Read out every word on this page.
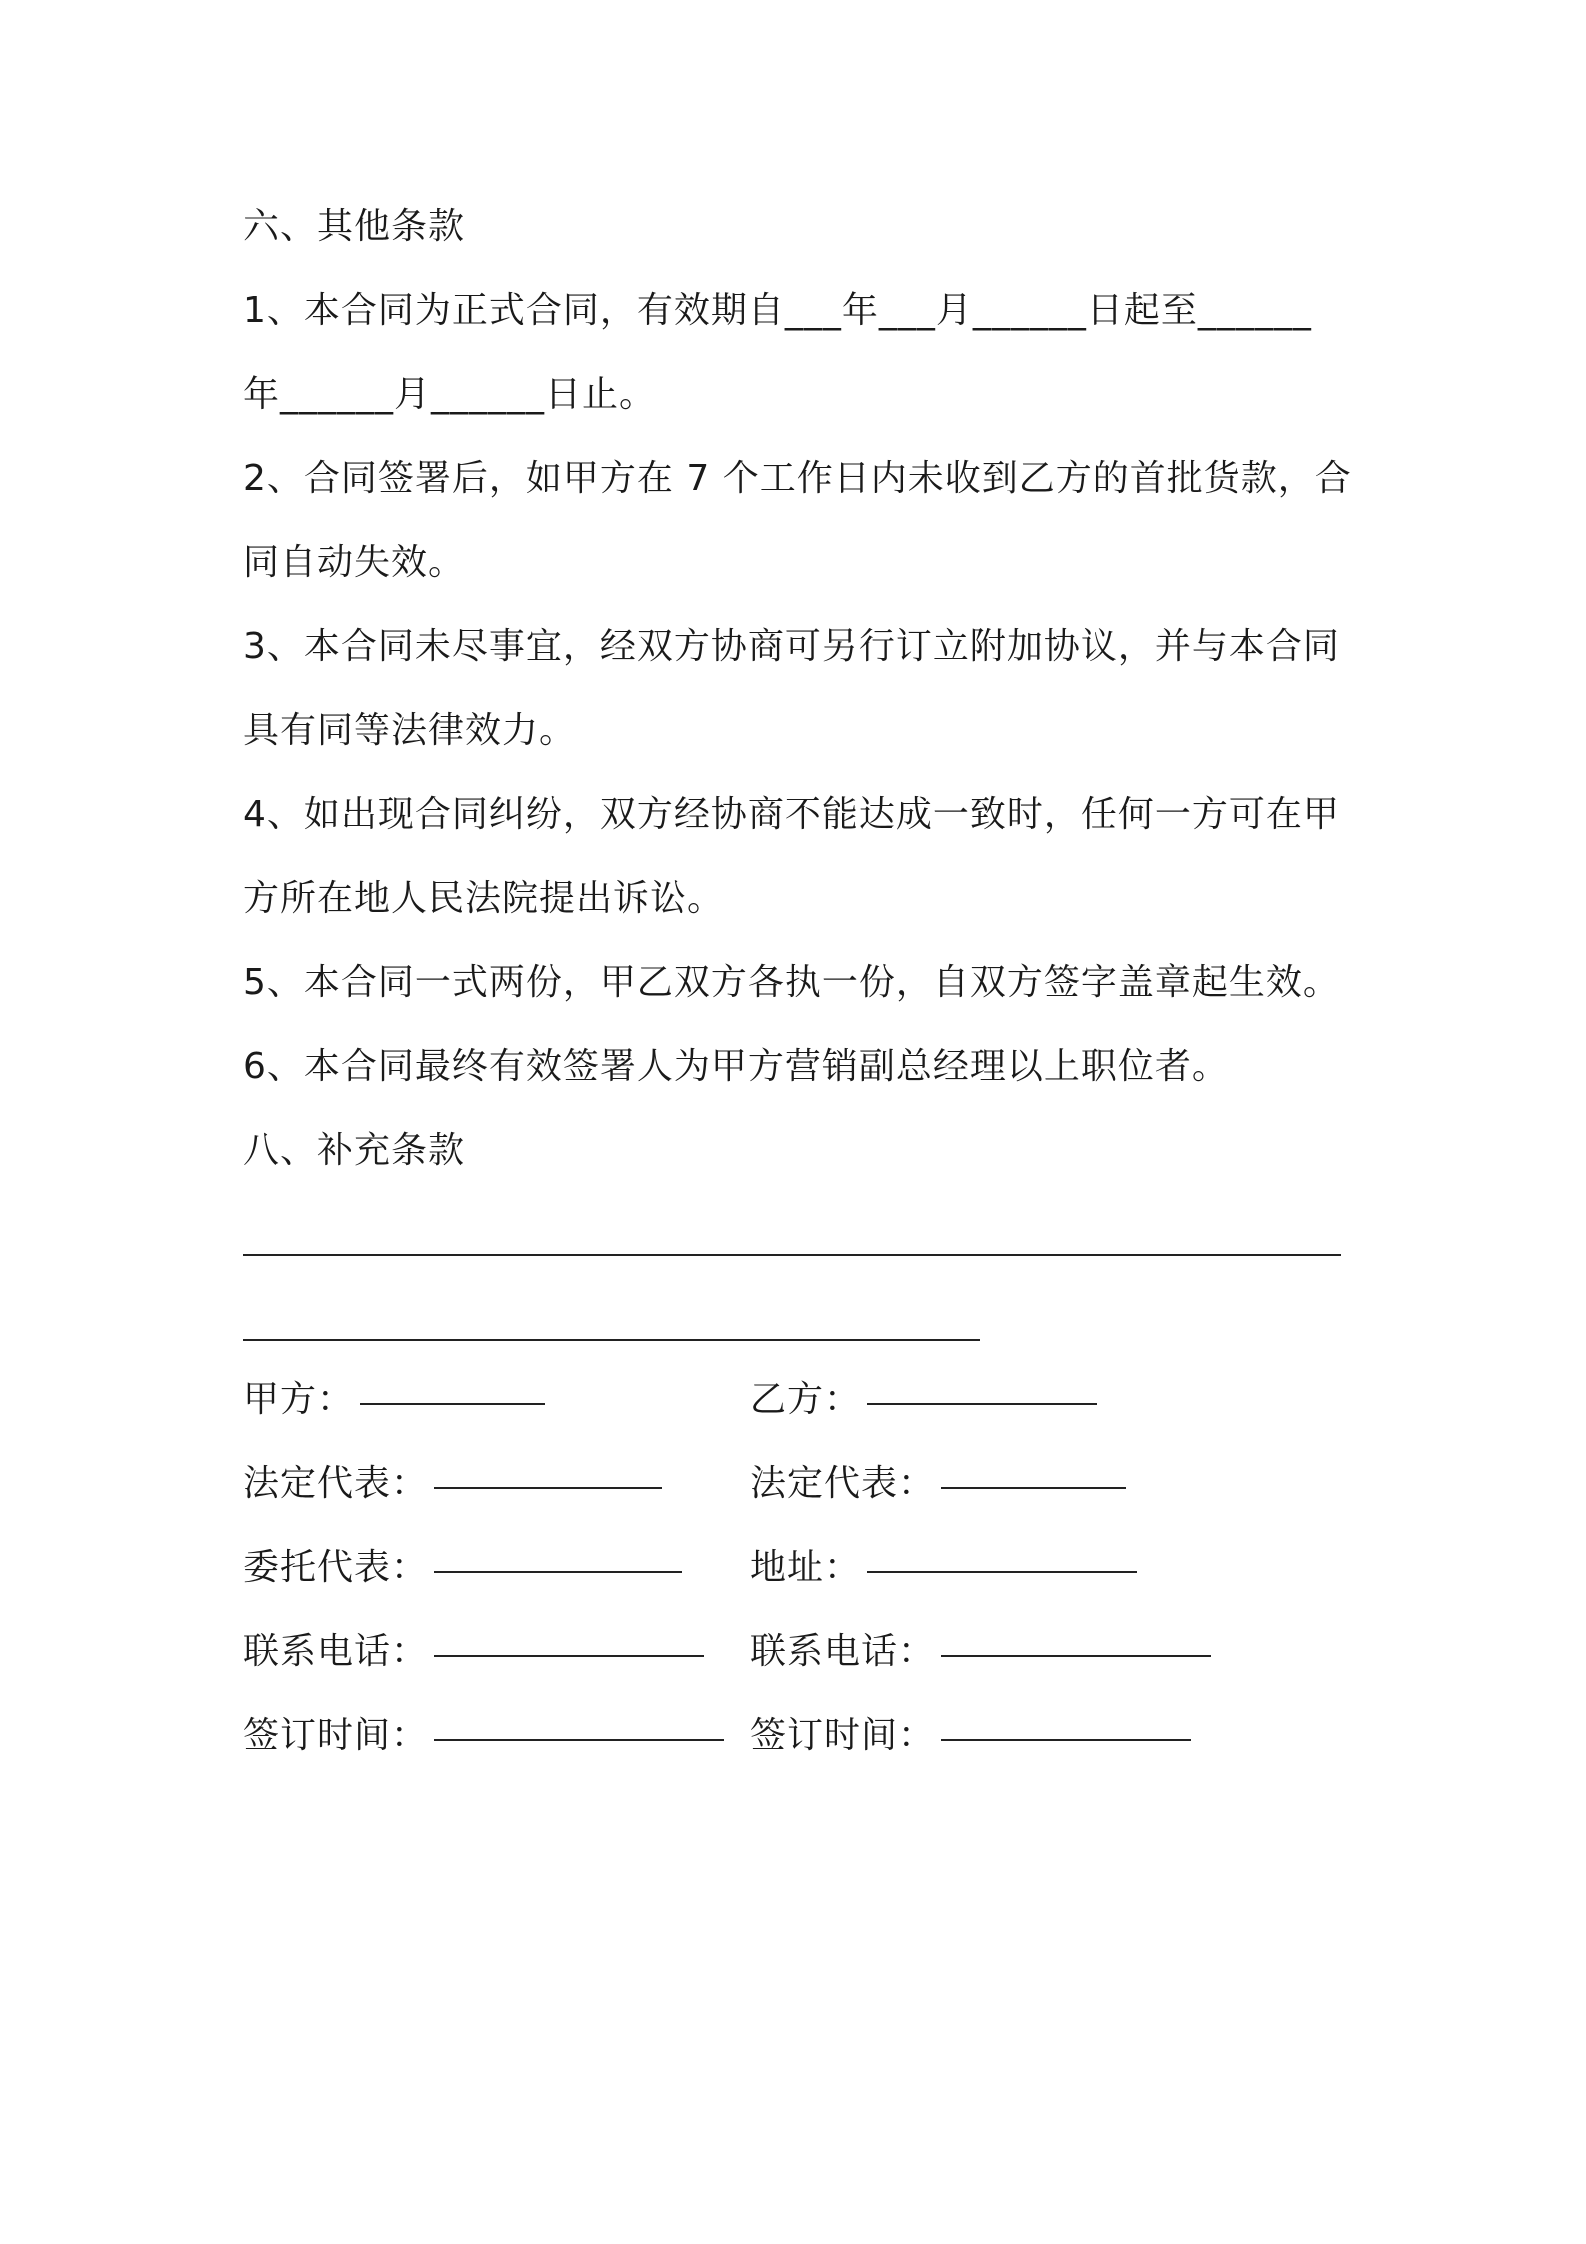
六、其他条款
1、本合同为正式合同，有效期自___年___月______日起至______
年______月______日止。
2、合同签署后，如甲方在 7 个工作日内未收到乙方的首批货款，合
同自动失效。
3、本合同未尽事宜，经双方协商可另行订立附加协议，并与本合同
具有同等法律效力。
4、如出现合同纠纷，双方经协商不能达成一致时，任何一方可在甲
方所在地人民法院提出诉讼。
5、本合同一式两份，甲乙双方各执一份，自双方签字盖章起生效。
6、本合同最终有效签署人为甲方营销副总经理以上职位者。
八、补充条款
甲方：
法定代表：
委托代表：
联系电话：
签订时间：
乙方：
法定代表：
地址：
联系电话：
签订时间：
